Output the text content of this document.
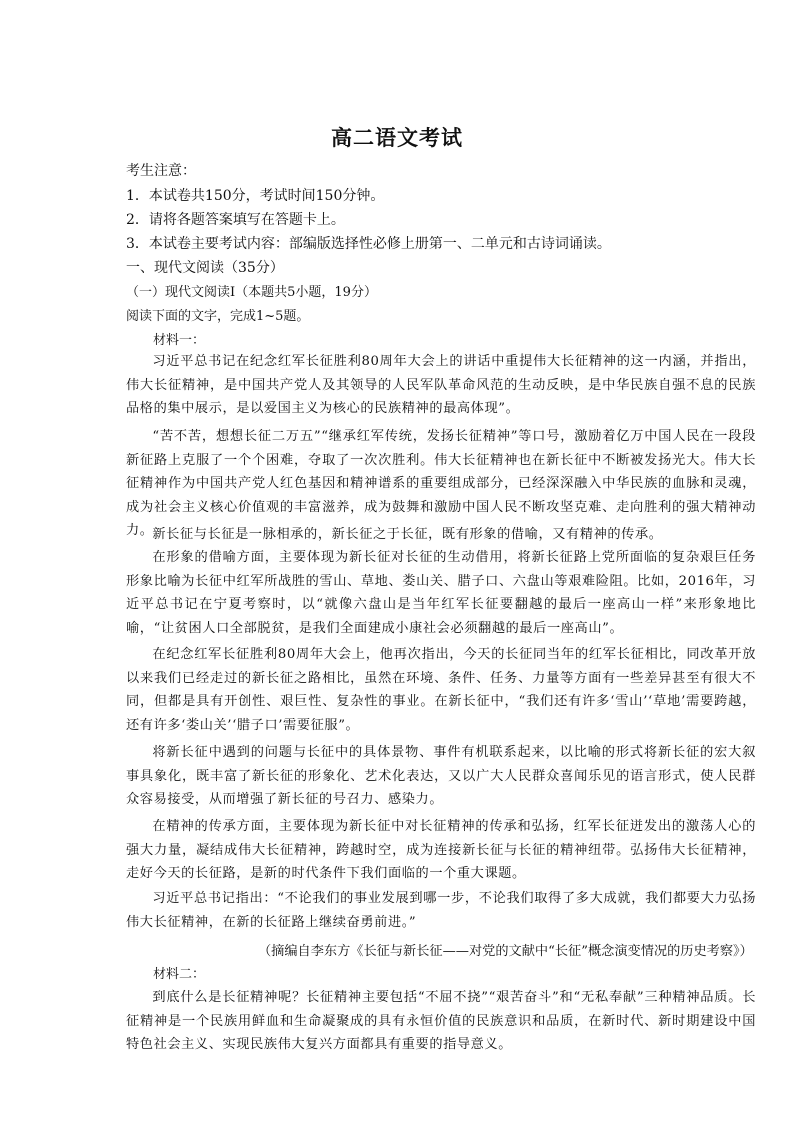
高二语文考试
考生注意：
1．本试卷共150分，考试时间150分钟。
2．请将各题答案填写在答题卡上。
3．本试卷主要考试内容：部编版选择性必修上册第一、二单元和古诗词诵读。
一、现代文阅读（35分）
（一）现代文阅读Ⅰ（本题共5小题，19分）
阅读下面的文字，完成1~5题。
材料一：
习近平总书记在纪念红军长征胜利80周年大会上的讲话中重提伟大长征精神的这一内涵，并指出，伟大长征精神，是中国共产党人及其领导的人民军队革命风范的生动反映，是中华民族自强不息的民族品格的集中展示，是以爱国主义为核心的民族精神的最高体现”。
“苦不苦，想想长征二万五”“继承红军传统，发扬长征精神”等口号，激励着亿万中国人民在一段段新征路上克服了一个个困难，夺取了一次次胜利。伟大长征精神也在新长征中不断被发扬光大。伟大长征精神作为中国共产党人红色基因和精神谱系的重要组成部分，已经深深融入中华民族的血脉和灵魂，成为社会主义核心价值观的丰富滋养，成为鼓舞和激励中国人民不断攻坚克难、走向胜利的强大精神动力。
新长征与长征是一脉相承的，新长征之于长征，既有形象的借喻，又有精神的传承。
在形象的借喻方面，主要体现为新长征对长征的生动借用，将新长征路上党所面临的复杂艰巨任务形象比喻为长征中红军所战胜的雪山、草地、娄山关、腊子口、六盘山等艰难险阻。比如，2016年，习近平总书记在宁夏考察时，以“就像六盘山是当年红军长征要翻越的最后一座高山一样”来形象地比喻，“让贫困人口全部脱贫，是我们全面建成小康社会必须翻越的最后一座高山”。
在纪念红军长征胜利80周年大会上，他再次指出，今天的长征同当年的红军长征相比，同改革开放以来我们已经走过的新长征之路相比，虽然在环境、条件、任务、力量等方面有一些差异甚至有很大不同，但都是具有开创性、艰巨性、复杂性的事业。在新长征中，“我们还有许多‘雪山’‘草地’需要跨越，还有许多‘娄山关’‘腊子口’需要征服”。
将新长征中遇到的问题与长征中的具体景物、事件有机联系起来，以比喻的形式将新长征的宏大叙事具象化，既丰富了新长征的形象化、艺术化表达，又以广大人民群众喜闻乐见的语言形式，使人民群众容易接受，从而增强了新长征的号召力、感染力。
在精神的传承方面，主要体现为新长征中对长征精神的传承和弘扬，红军长征迸发出的激荡人心的强大力量，凝结成伟大长征精神，跨越时空，成为连接新长征与长征的精神纽带。弘扬伟大长征精神，走好今天的长征路，是新的时代条件下我们面临的一个重大课题。
习近平总书记指出：“不论我们的事业发展到哪一步，不论我们取得了多大成就，我们都要大力弘扬伟大长征精神，在新的长征路上继续奋勇前进。”
（摘编自李东方《长征与新长征——对党的文献中“长征”概念演变情况的历史考察》）
材料二：
到底什么是长征精神呢？长征精神主要包括“不屈不挠”“艰苦奋斗”和“无私奉献”三种精神品质。长征精神是一个民族用鲜血和生命凝聚成的具有永恒价值的民族意识和品质，在新时代、新时期建设中国特色社会主义、实现民族伟大复兴方面都具有重要的指导意义。
